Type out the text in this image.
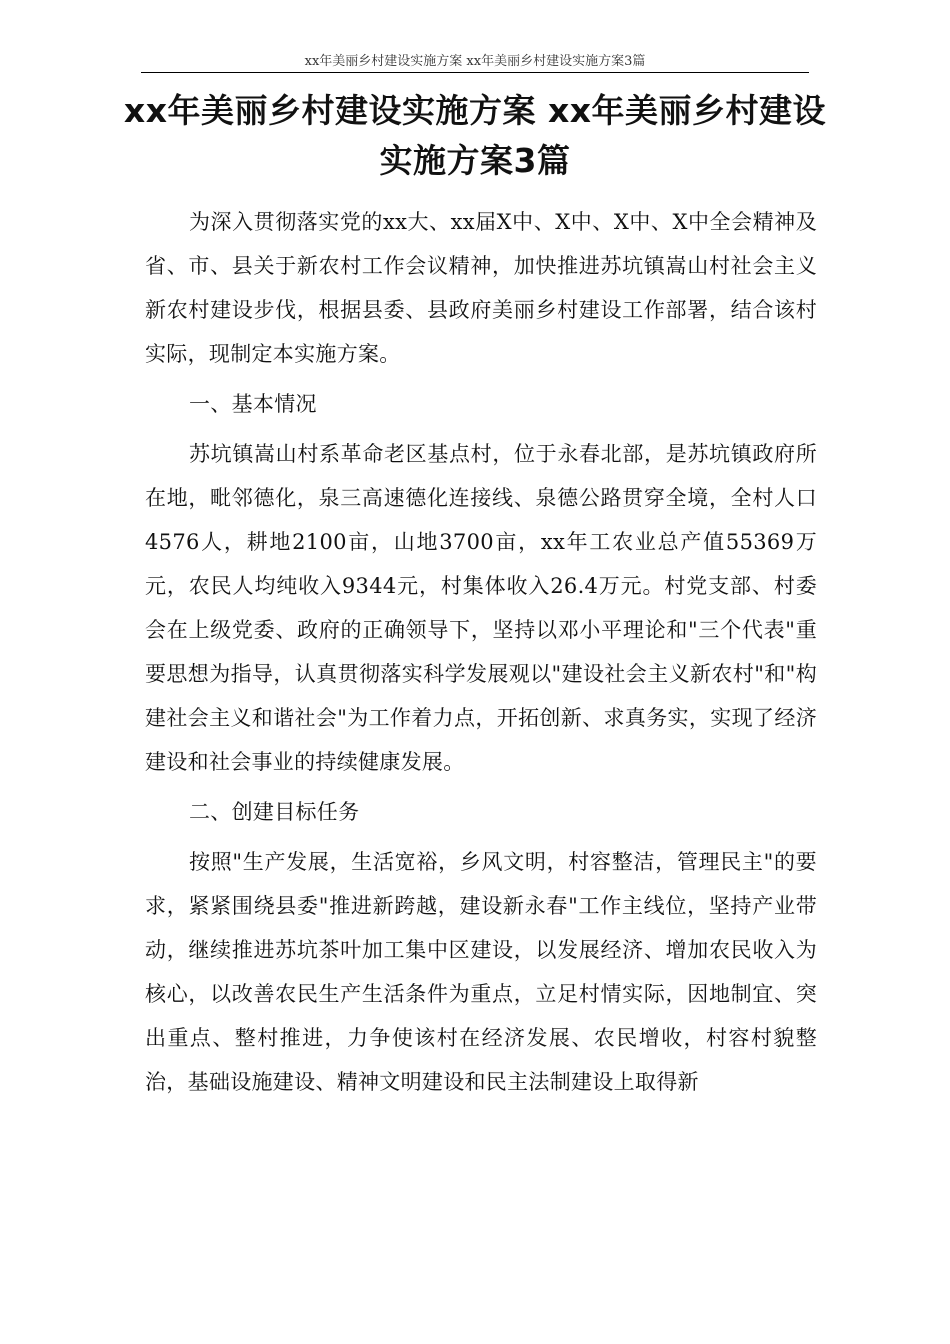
xx年美丽乡村建设实施方案 xx年美丽乡村建设实施方案3篇
xx年美丽乡村建设实施方案 xx年美丽乡村建设实施方案3篇

为深入贯彻落实党的xx大、xx届X中、X中、X中、X中全会精神及省、市、县关于新农村工作会议精神，加快推进苏坑镇嵩山村社会主义新农村建设步伐，根据县委、县政府美丽乡村建设工作部署，结合该村实际，现制定本实施方案。

一、基本情况

苏坑镇嵩山村系革命老区基点村，位于永春北部，是苏坑镇政府所在地，毗邻德化，泉三高速德化连接线、泉德公路贯穿全境，全村人口4576人，耕地2100亩，山地3700亩，xx年工农业总产值55369万元，农民人均纯收入9344元，村集体收入26.4万元。村党支部、村委会在上级党委、政府的正确领导下，坚持以邓小平理论和"三个代表"重要思想为指导，认真贯彻落实科学发展观以"建设社会主义新农村"和"构建社会主义和谐社会"为工作着力点，开拓创新、求真务实，实现了经济建设和社会事业的持续健康发展。

二、创建目标任务

按照"生产发展，生活宽裕，乡风文明，村容整洁，管理民主"的要求，紧紧围绕县委"推进新跨越，建设新永春"工作主线位，坚持产业带动，继续推进苏坑茶叶加工集中区建设，以发展经济、增加农民收入为核心，以改善农民生产生活条件为重点，立足村情实际，因地制宜、突出重点、整村推进，力争使该村在经济发展、农民增收，村容村貌整治，基础设施建设、精神文明建设和民主法制建设上取得新
